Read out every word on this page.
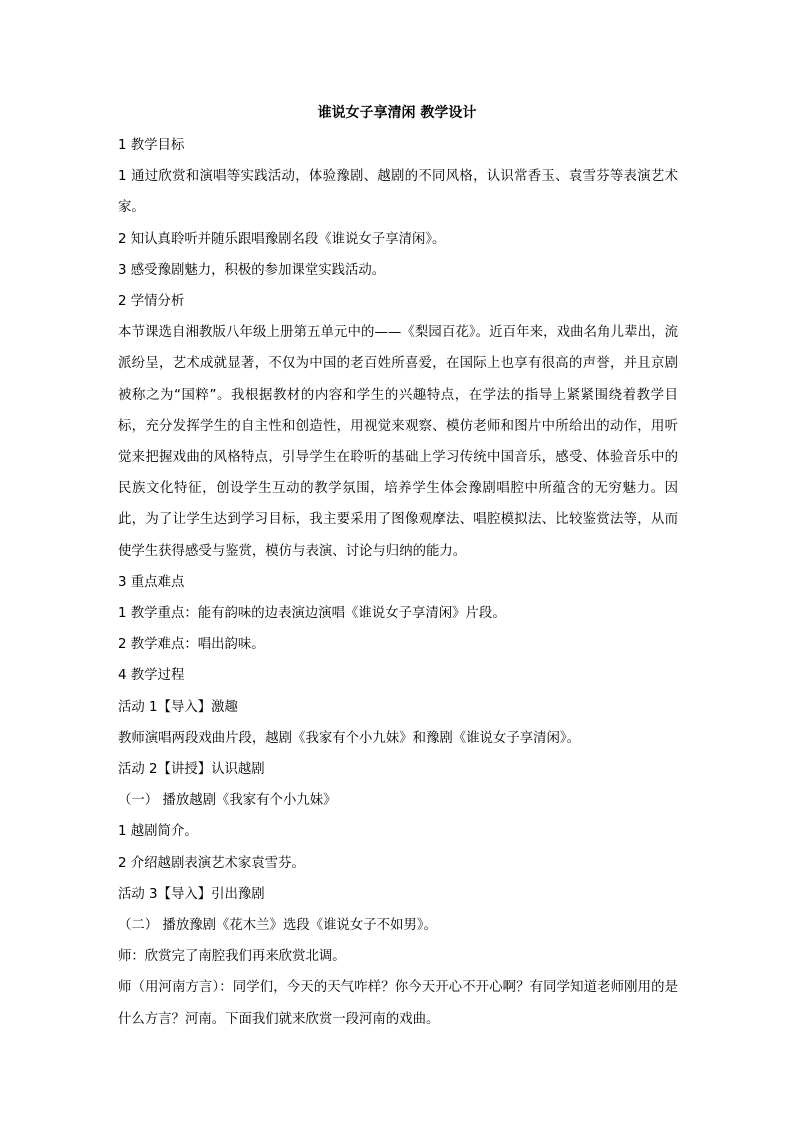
谁说女子享清闲 教学设计

1 教学目标

1 通过欣赏和演唱等实践活动，体验豫剧、越剧的不同风格，认识常香玉、袁雪芬等表演艺术家。

2 知认真聆听并随乐跟唱豫剧名段《谁说女子享清闲》。

3 感受豫剧魅力，积极的参加课堂实践活动。

2 学情分析

本节课选自湘教版八年级上册第五单元中的——《梨园百花》。近百年来，戏曲名角儿辈出，流派纷呈，艺术成就显著，不仅为中国的老百姓所喜爱，在国际上也享有很高的声誉，并且京剧被称之为“国粹”。我根据教材的内容和学生的兴趣特点，在学法的指导上紧紧围绕着教学目标，充分发挥学生的自主性和创造性，用视觉来观察、模仿老师和图片中所给出的动作，用听觉来把握戏曲的风格特点，引导学生在聆听的基础上学习传统中国音乐，感受、体验音乐中的民族文化特征，创设学生互动的教学氛围，培养学生体会豫剧唱腔中所蕴含的无穷魅力。因此，为了让学生达到学习目标，我主要采用了图像观摩法、唱腔模拟法、比较鉴赏法等，从而使学生获得感受与鉴赏，模仿与表演、讨论与归纳的能力。

3 重点难点

1 教学重点：能有韵味的边表演边演唱《谁说女子享清闲》片段。

2 教学难点：唱出韵味。

4 教学过程

活动 1【导入】激趣

教师演唱两段戏曲片段，越剧《我家有个小九妹》和豫剧《谁说女子享清闲》。

活动 2【讲授】认识越剧

（一） 播放越剧《我家有个小九妹》

1 越剧简介。

2 介绍越剧表演艺术家袁雪芬。

活动 3【导入】引出豫剧

（二） 播放豫剧《花木兰》选段《谁说女子不如男》。

师：欣赏完了南腔我们再来欣赏北调。

师（用河南方言）：同学们，今天的天气咋样？你今天开心不开心啊？有同学知道老师刚用的是什么方言？河南。下面我们就来欣赏一段河南的戏曲。
